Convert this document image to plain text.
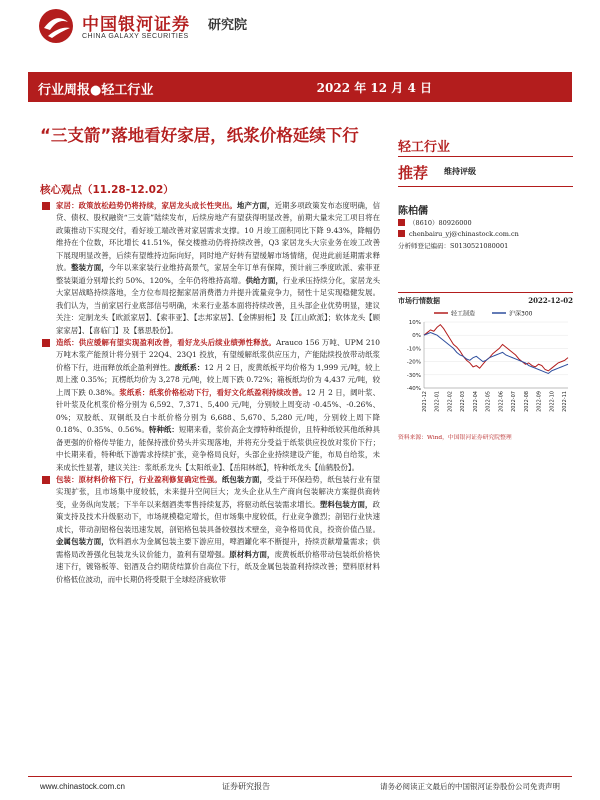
中国银河证券 研究院
CHINA GALAXY SECURITIES
行业周报●轻工行业	2022 年 12 月 4 日
“三支箭”落地看好家居，纸浆价格延续下行
核心观点（11.28-12.02）
家居：政策放松趋势仍将持续，家居龙头成长性突出。地产方面，近期多项政策发布态度明确，信贷、债权、股权融资“三支箭”陆续发布，后续房地产有望获得明显改善，前期大量未完工项目将在政策推动下实现交付，看好竣工端改善对家居需求支撑。10 月竣工面积同比下降 9.43%，降幅仍维持在个位数，环比增长 41.51%，保交楼推动仍将持续改善，Q3 家居龙头大宗业务在竣工改善下展现明显改善，后续有望维持边际向好，同时地产好转有望缓解市场情绪，促进此前延期需求释放。整装方面，今年以来家装行业维持高景气，家居全年订单有保障，预计前三季度欧派、索菲亚整装渠道分别增长约 50%、120%，全年仍将维持高增。供给方面，行业承压持续分化，家居龙头大家居战略持续落地，全方位布局挖掘家居消费潜力并提升流量竞争力，韧性十足实现稳健发展。我们认为，当前家居行业底部信号明确，未来行业基本面将持续改善，且头部企业优势明显，建议关注：定制龙头【欧派家居】、【索菲亚】、【志邦家居】、【金牌厨柜】及【江山欧派】；软体龙头【顾家家居】、【喜临门】及【慕思股份】。
造纸：供应缓解有望实现盈利改善，看好龙头后续业绩弹性释放。Arauco 156 万吨、UPM 210 万吨木浆产能预计将分别于 22Q4、23Q1 投放，有望缓解纸浆供应压力，产能陆续投放带动纸浆价格下行，进而释放纸企盈利弹性。废纸系：12 月 2 日，废黄纸板平均价格为 1,999 元/吨，较上周上涨 0.35%；瓦楞纸均价为 3,278 元/吨，较上周下跌 0.72%；箱板纸均价为 4,437 元/吨，较上周下跌 0.38%。浆纸系：纸浆价格松动下行，看好文化纸盈利持续改善。12 月 2 日，阔叶浆、针叶浆及化机浆价格分别为 6,592、7,371、5,400 元/吨，分别较上周变动 -0.45%、-0.26%、0%；双胶纸、双铜纸及白卡纸价格分别为 6,688、5,670、5,280 元/吨，分别较上周下降 0.18%、0.35%、0.56%。特种纸：短期来看，浆价高企支撑特种纸提价，且特种纸较其他纸种具备更强的价格传导能力，能保持涨价势头并实现落地，并将充分受益于纸浆供应投放对浆价下行；中长期来看，特种纸下游需求持续扩张，竞争格局良好，头部企业持续建设产能，布局自给浆，未来成长性显著，建议关注：浆纸系龙头【太阳纸业】、【岳阳林纸】，特种纸龙头【仙鹤股份】。
包装：原材料价格下行，行业盈利修复确定性强。纸包装方面，受益于环保趋势，纸包装行业有望实现扩张，且市场集中度较低，未来提升空间巨大；龙头企业从生产商向包装解决方案提供商转变，业务纵向发展；下半年以来烟酒类零售持续复苏，将驱动纸包装需求增长。塑料包装方面，政策支持及技术升级驱动下，市场规模稳定增长，但市场集中度较低，行业竞争激烈；剖铝行业快速成长，带动剖铝格包装迅速发展，剖铝格包装具备较强技术壁垒，竞争格局优良，投资价值凸显。金属包装方面，饮料酒水为金属包装主要下游应用，啤酒罐化率不断提升，持续贡献增量需求；供需格局改善强化包装龙头议价能力，盈利有望增强。原材料方面，废黄板纸价格带动包装纸价格快速下行，镀铬板等、铝酒及合约期货结算价自高位下行，纸及金属包装盈利持续改善；塑料原材料价格低位波动，而中长期仍将受限于全球经济疲软带
轻工行业
推荐 维持评级
陈柏儒
（8610）80926000
chenbairu_yj@chinastock.com.cn
分析师登记编码：S0130521080001
市场行情数据	2022-12-02
轻工制造	沪深300
10%
0%
-10%
-20%
-30%
-40%
2021-12 2022-01 2022-02 2022-03 2022-04 2022-05 2022-06 2022-07 2022-08 2022-09 2022-10 2022-11
资料来源：Wind，中国银河证券研究院整理
www.chinastock.com.cn	证券研究报告	请务必阅读正文最后的中国银河证券股份公司免责声明
